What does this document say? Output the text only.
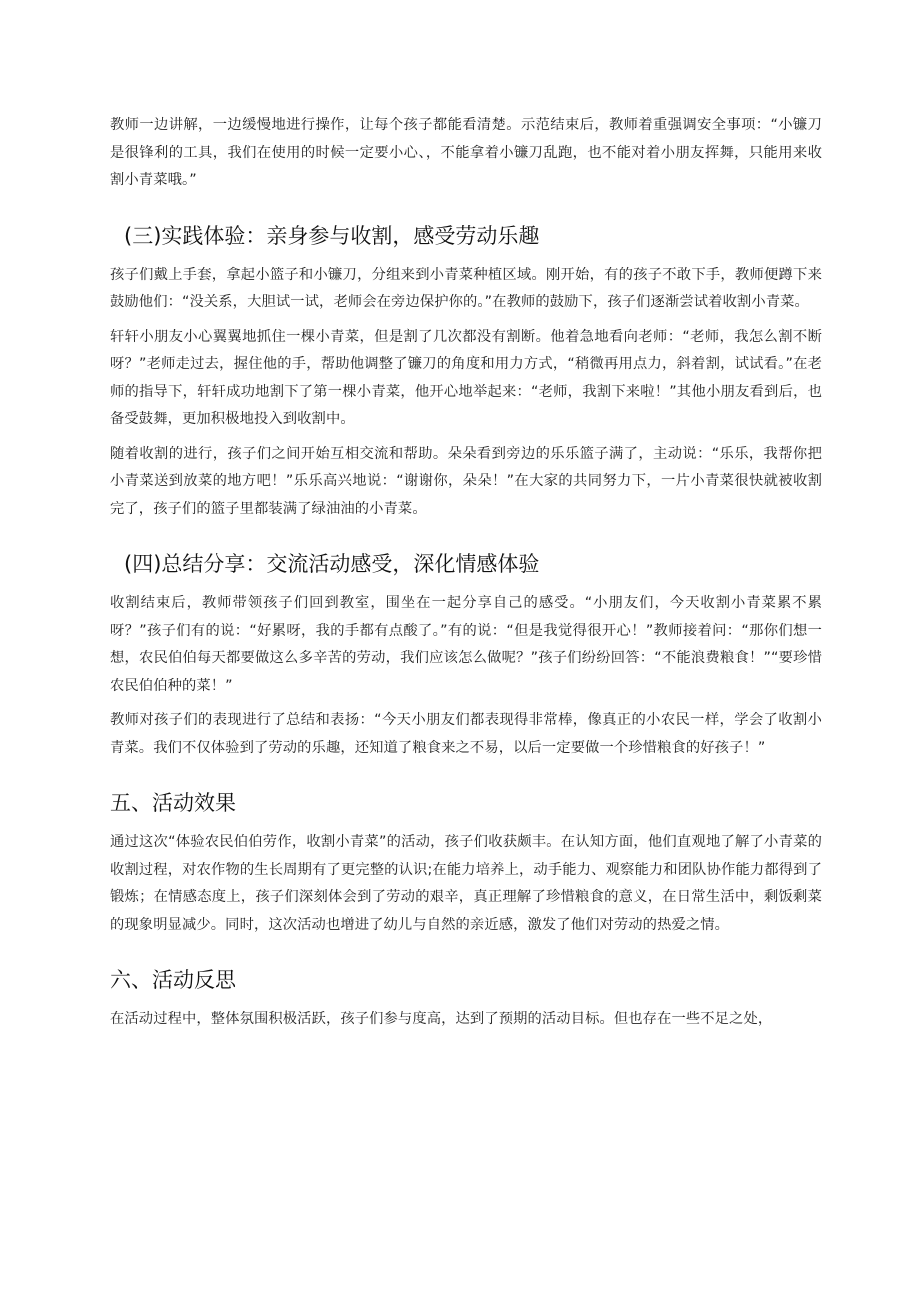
教师一边讲解，一边缓慢地进行操作，让每个孩子都能看清楚。示范结束后，教师着重强调安全事项：“小镰刀是很锋利的工具，我们在使用的时候一定要小心、，不能拿着小镰刀乱跑，也不能对着小朋友挥舞，只能用来收割小青菜哦。”

(三)实践体验：亲身参与收割，感受劳动乐趣

孩子们戴上手套，拿起小篮子和小镰刀，分组来到小青菜种植区域。刚开始，有的孩子不敢下手，教师便蹲下来鼓励他们：“没关系，大胆试一试，老师会在旁边保护你的。”在教师的鼓励下，孩子们逐渐尝试着收割小青菜。

轩轩小朋友小心翼翼地抓住一棵小青菜，但是割了几次都没有割断。他着急地看向老师：“老师，我怎么割不断呀？”老师走过去，握住他的手，帮助他调整了镰刀的角度和用力方式，“稍微再用点力，斜着割，试试看。”在老师的指导下，轩轩成功地割下了第一棵小青菜，他开心地举起来：“老师，我割下来啦！”其他小朋友看到后，也备受鼓舞，更加积极地投入到收割中。

随着收割的进行，孩子们之间开始互相交流和帮助。朵朵看到旁边的乐乐篮子满了，主动说：“乐乐，我帮你把小青菜送到放菜的地方吧！”乐乐高兴地说：“谢谢你，朵朵！”在大家的共同努力下，一片小青菜很快就被收割完了，孩子们的篮子里都装满了绿油油的小青菜。

(四)总结分享：交流活动感受，深化情感体验

收割结束后，教师带领孩子们回到教室，围坐在一起分享自己的感受。“小朋友们，今天收割小青菜累不累呀？”孩子们有的说：“好累呀，我的手都有点酸了。”有的说：“但是我觉得很开心！”教师接着问：“那你们想一想，农民伯伯每天都要做这么多辛苦的劳动，我们应该怎么做呢？”孩子们纷纷回答：“不能浪费粮食！”“要珍惜农民伯伯种的菜！”

教师对孩子们的表现进行了总结和表扬：“今天小朋友们都表现得非常棒，像真正的小农民一样，学会了收割小青菜。我们不仅体验到了劳动的乐趣，还知道了粮食来之不易，以后一定要做一个珍惜粮食的好孩子！”

五、活动效果

通过这次“体验农民伯伯劳作，收割小青菜”的活动，孩子们收获颇丰。在认知方面，他们直观地了解了小青菜的收割过程，对农作物的生长周期有了更完整的认识;在能力培养上，动手能力、观察能力和团队协作能力都得到了锻炼；在情感态度上，孩子们深刻体会到了劳动的艰辛，真正理解了珍惜粮食的意义，在日常生活中，剩饭剩菜的现象明显减少。同时，这次活动也增进了幼儿与自然的亲近感，激发了他们对劳动的热爱之情。

六、活动反思

在活动过程中，整体氛围积极活跃，孩子们参与度高，达到了预期的活动目标。但也存在一些不足之处，
